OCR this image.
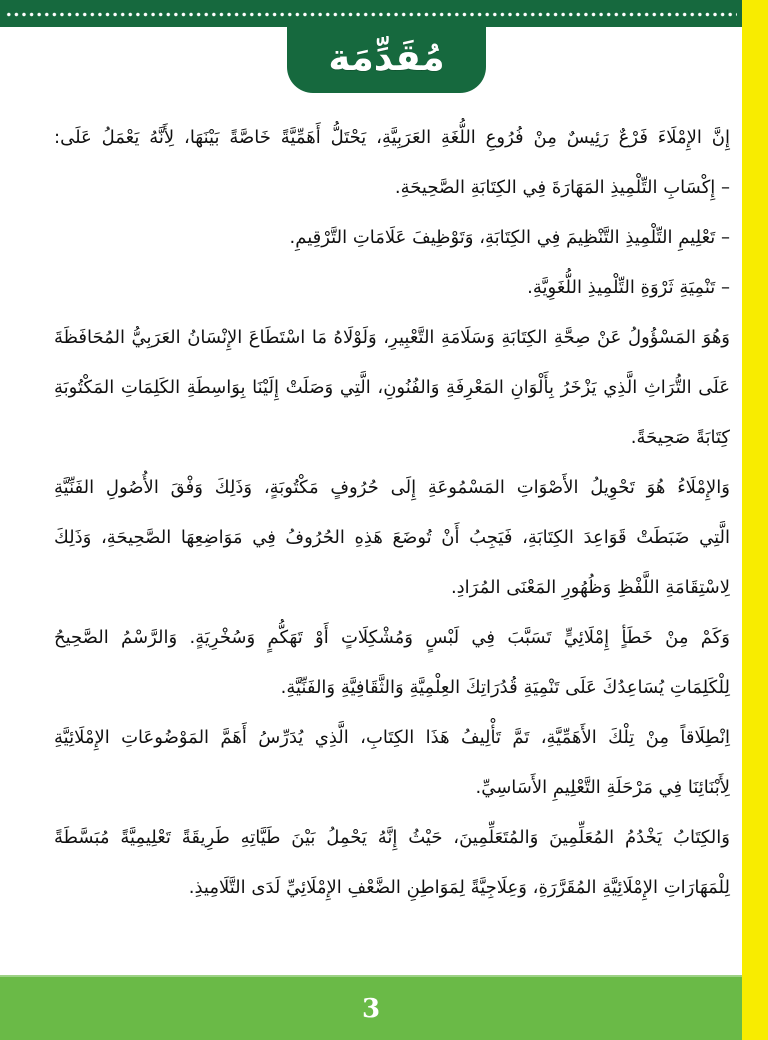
مُقَدِّمَة

إِنَّ الإِمْلَاءَ فَرْعٌ رَئِيسٌ مِنْ فُرُوعِ اللُّغَةِ العَرَبِيَّةِ، يَحْتَلُّ أَهَمِّيَّةً خَاصَّةً بَيْنَهَا، لِأَنَّهُ يَعْمَلُ عَلَى:

– إِكْسَابِ التِّلْمِيذِ المَهَارَةَ فِي الكِتَابَةِ الصَّحِيحَةِ.

– تَعْلِيمِ التِّلْمِيذِ التَّنْظِيمَ فِي الكِتَابَةِ، وَتَوْظِيفَ عَلَامَاتِ التَّرْقِيمِ.

– تَنْمِيَةِ ثَرْوَةِ التِّلْمِيذِ اللُّغَوِيَّةِ.

وَهُوَ المَسْؤُولُ عَنْ صِحَّةِ الكِتَابَةِ وَسَلَامَةِ التَّعْبِيرِ، وَلَوْلَاهُ مَا اسْتَطَاعَ الإِنْسَانُ العَرَبِيُّ المُحَافَظَةَ

عَلَى التُّرَاثِ الَّذِي يَزْخَرُ بِأَلْوَانِ المَعْرِفَةِ وَالفُنُونِ، الَّتِي وَصَلَتْ إِلَيْنَا بِوَاسِطَةِ الكَلِمَاتِ المَكْتُوبَةِ

كِتَابَةً صَحِيحَةً.

وَالإِمْلَاءُ هُوَ تَحْوِيلُ الأَصْوَاتِ المَسْمُوعَةِ إِلَى حُرُوفٍ مَكْتُوبَةٍ، وَذَلِكَ وَفْقَ الأُصُولِ الفَنِّيَّةِ

الَّتِي ضَبَطَتْ قَوَاعِدَ الكِتَابَةِ، فَيَجِبُ أَنْ تُوضَعَ هَذِهِ الحُرُوفُ فِي مَوَاضِعِهَا الصَّحِيحَةِ، وَذَلِكَ

لِاسْتِقَامَةِ اللَّفْظِ وَظُهُورِ المَعْنَى المُرَادِ.

وَكَمْ مِنْ خَطَأٍ إِمْلَائِيٍّ تَسَبَّبَ فِي لَبْسٍ وَمُشْكِلَاتٍ أَوْ تَهَكُّمٍ وَسُخْرِيَةٍ. وَالرَّسْمُ الصَّحِيحُ

لِلْكَلِمَاتِ يُسَاعِدُكَ عَلَى تَنْمِيَةِ قُدُرَاتِكَ العِلْمِيَّةِ وَالثَّقَافِيَّةِ وَالفَنِّيَّةِ.

اِنْطِلَاقاً مِنْ تِلْكَ الأَهَمِّيَّةِ، تَمَّ تَأْلِيفُ هَذَا الكِتَابِ، الَّذِي يُدَرِّسُ أَهَمَّ المَوْضُوعَاتِ الإِمْلَائِيَّةِ

لِأَبْنَائِنَا فِي مَرْحَلَةِ التَّعْلِيمِ الأَسَاسِيِّ.

وَالكِتَابُ يَخْدُمُ المُعَلِّمِينَ وَالمُتَعَلِّمِينَ، حَيْثُ إِنَّهُ يَحْمِلُ بَيْنَ طَيَّاتِهِ طَرِيقَةً تَعْلِيمِيَّةً مُبَسَّطَةً

لِلْمَهَارَاتِ الإِمْلَائِيَّةِ المُقَرَّرَةِ، وَعِلَاجِيَّةً لِمَوَاطِنِ الضَّعْفِ الإِمْلَائِيِّ لَدَى التَّلَامِيذِ.

3
